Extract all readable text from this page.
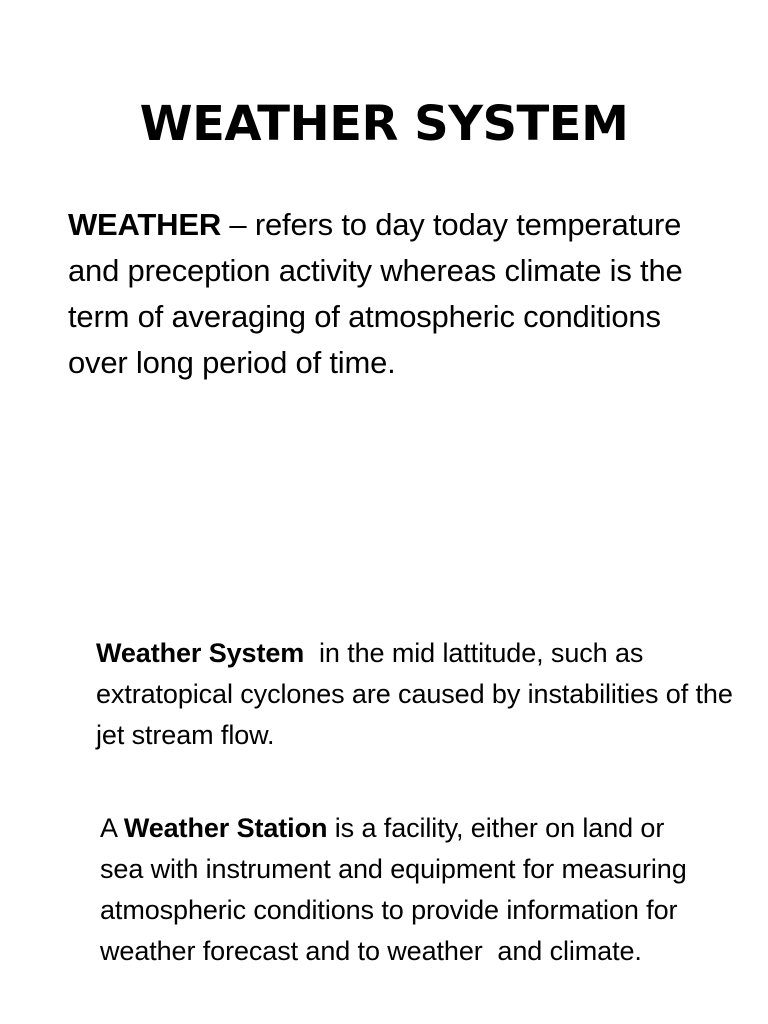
WEATHER SYSTEM

WEATHER – refers to day today temperature and preception activity whereas climate is the term of averaging of atmospheric conditions over long period of time.

Weather System  in the mid lattitude, such as extratopical cyclones are caused by instabilities of the jet stream flow.

A Weather Station is a facility, either on land or sea with instrument and equipment for measuring atmospheric conditions to provide information for weather forecast and to weather  and climate.
